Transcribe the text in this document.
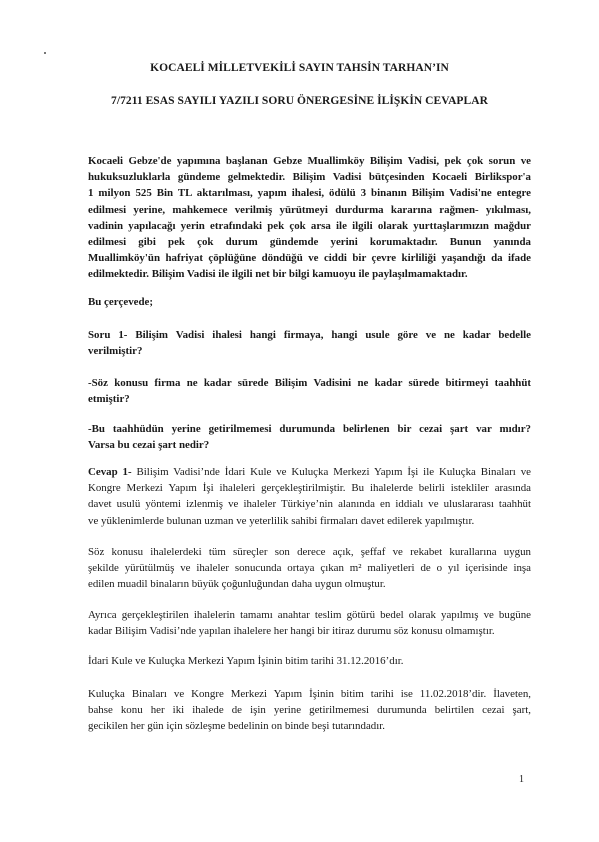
KOCAELİ MİLLETVEKİLİ SAYIN TAHSİN TARHAN’IN
7/7211 ESAS SAYILI YAZILI SORU ÖNERGESİNE İLİŞKİN CEVAPLAR
Kocaeli Gebze'de yapımına başlanan Gebze Muallimköy Bilişim Vadisi, pek çok sorun ve
hukuksuzluklarla gündeme gelmektedir. Bilişim Vadisi bütçesinden Kocaeli Birlikspor'a
1 milyon 525 Bin TL aktarılması, yapım ihalesi, ödülü 3 binanın Bilişim Vadisi'ne entegre
edilmesi yerine, mahkemece verilmiş yürütmeyi durdurma kararına rağmen- yıkılması,
vadinin yapılacağı yerin etrafındaki pek çok arsa ile ilgili olarak yurttaşlarımızın mağdur
edilmesi gibi pek çok durum gündemde yerini korumaktadır. Bunun yanında
Muallimköy'ün hafriyat çöplüğüne döndüğü ve ciddi bir çevre kirliliği yaşandığı da ifade
edilmektedir. Bilişim Vadisi ile ilgili net bir bilgi kamuoyu ile paylaşılmamaktadır.
Bu çerçevede;
Soru 1- Bilişim Vadisi ihalesi hangi firmaya, hangi usule göre ve ne kadar bedelle
verilmiştir?
-Söz konusu firma ne kadar sürede Bilişim Vadisini ne kadar sürede bitirmeyi taahhüt
etmiştir?
-Bu taahhüdün yerine getirilmemesi durumunda belirlenen bir cezai şart var mıdır?
Varsa bu cezai şart nedir?
Cevap 1- Bilişim Vadisi’nde İdari Kule ve Kuluçka Merkezi Yapım İşi ile Kuluçka Binaları ve
Kongre Merkezi Yapım İşi ihaleleri gerçekleştirilmiştir. Bu ihalelerde belirli istekliler arasında
davet usulü yöntemi izlenmiş ve ihaleler Türkiye’nin alanında en iddialı ve uluslararası taahhüt
ve yüklenimlerde bulunan uzman ve yeterlilik sahibi firmaları davet edilerek yapılmıştır.
Söz konusu ihalelerdeki tüm süreçler son derece açık, şeffaf ve rekabet kurallarına uygun
şekilde yürütülmüş ve ihaleler sonucunda ortaya çıkan m² maliyetleri de o yıl içerisinde inşa
edilen muadil binaların büyük çoğunluğundan daha uygun olmuştur.
Ayrıca gerçekleştirilen ihalelerin tamamı anahtar teslim götürü bedel olarak yapılmış ve bugüne
kadar Bilişim Vadisi’nde yapılan ihalelere her hangi bir itiraz durumu söz konusu olmamıştır.
İdari Kule ve Kuluçka Merkezi Yapım İşinin bitim tarihi 31.12.2016’dır.
Kuluçka Binaları ve Kongre Merkezi Yapım İşinin bitim tarihi ise 11.02.2018’dir. İlaveten,
bahse konu her iki ihalede de işin yerine getirilmemesi durumunda belirtilen cezai şart,
gecikilen her gün için sözleşme bedelinin on binde beşi tutarındadır.
1
